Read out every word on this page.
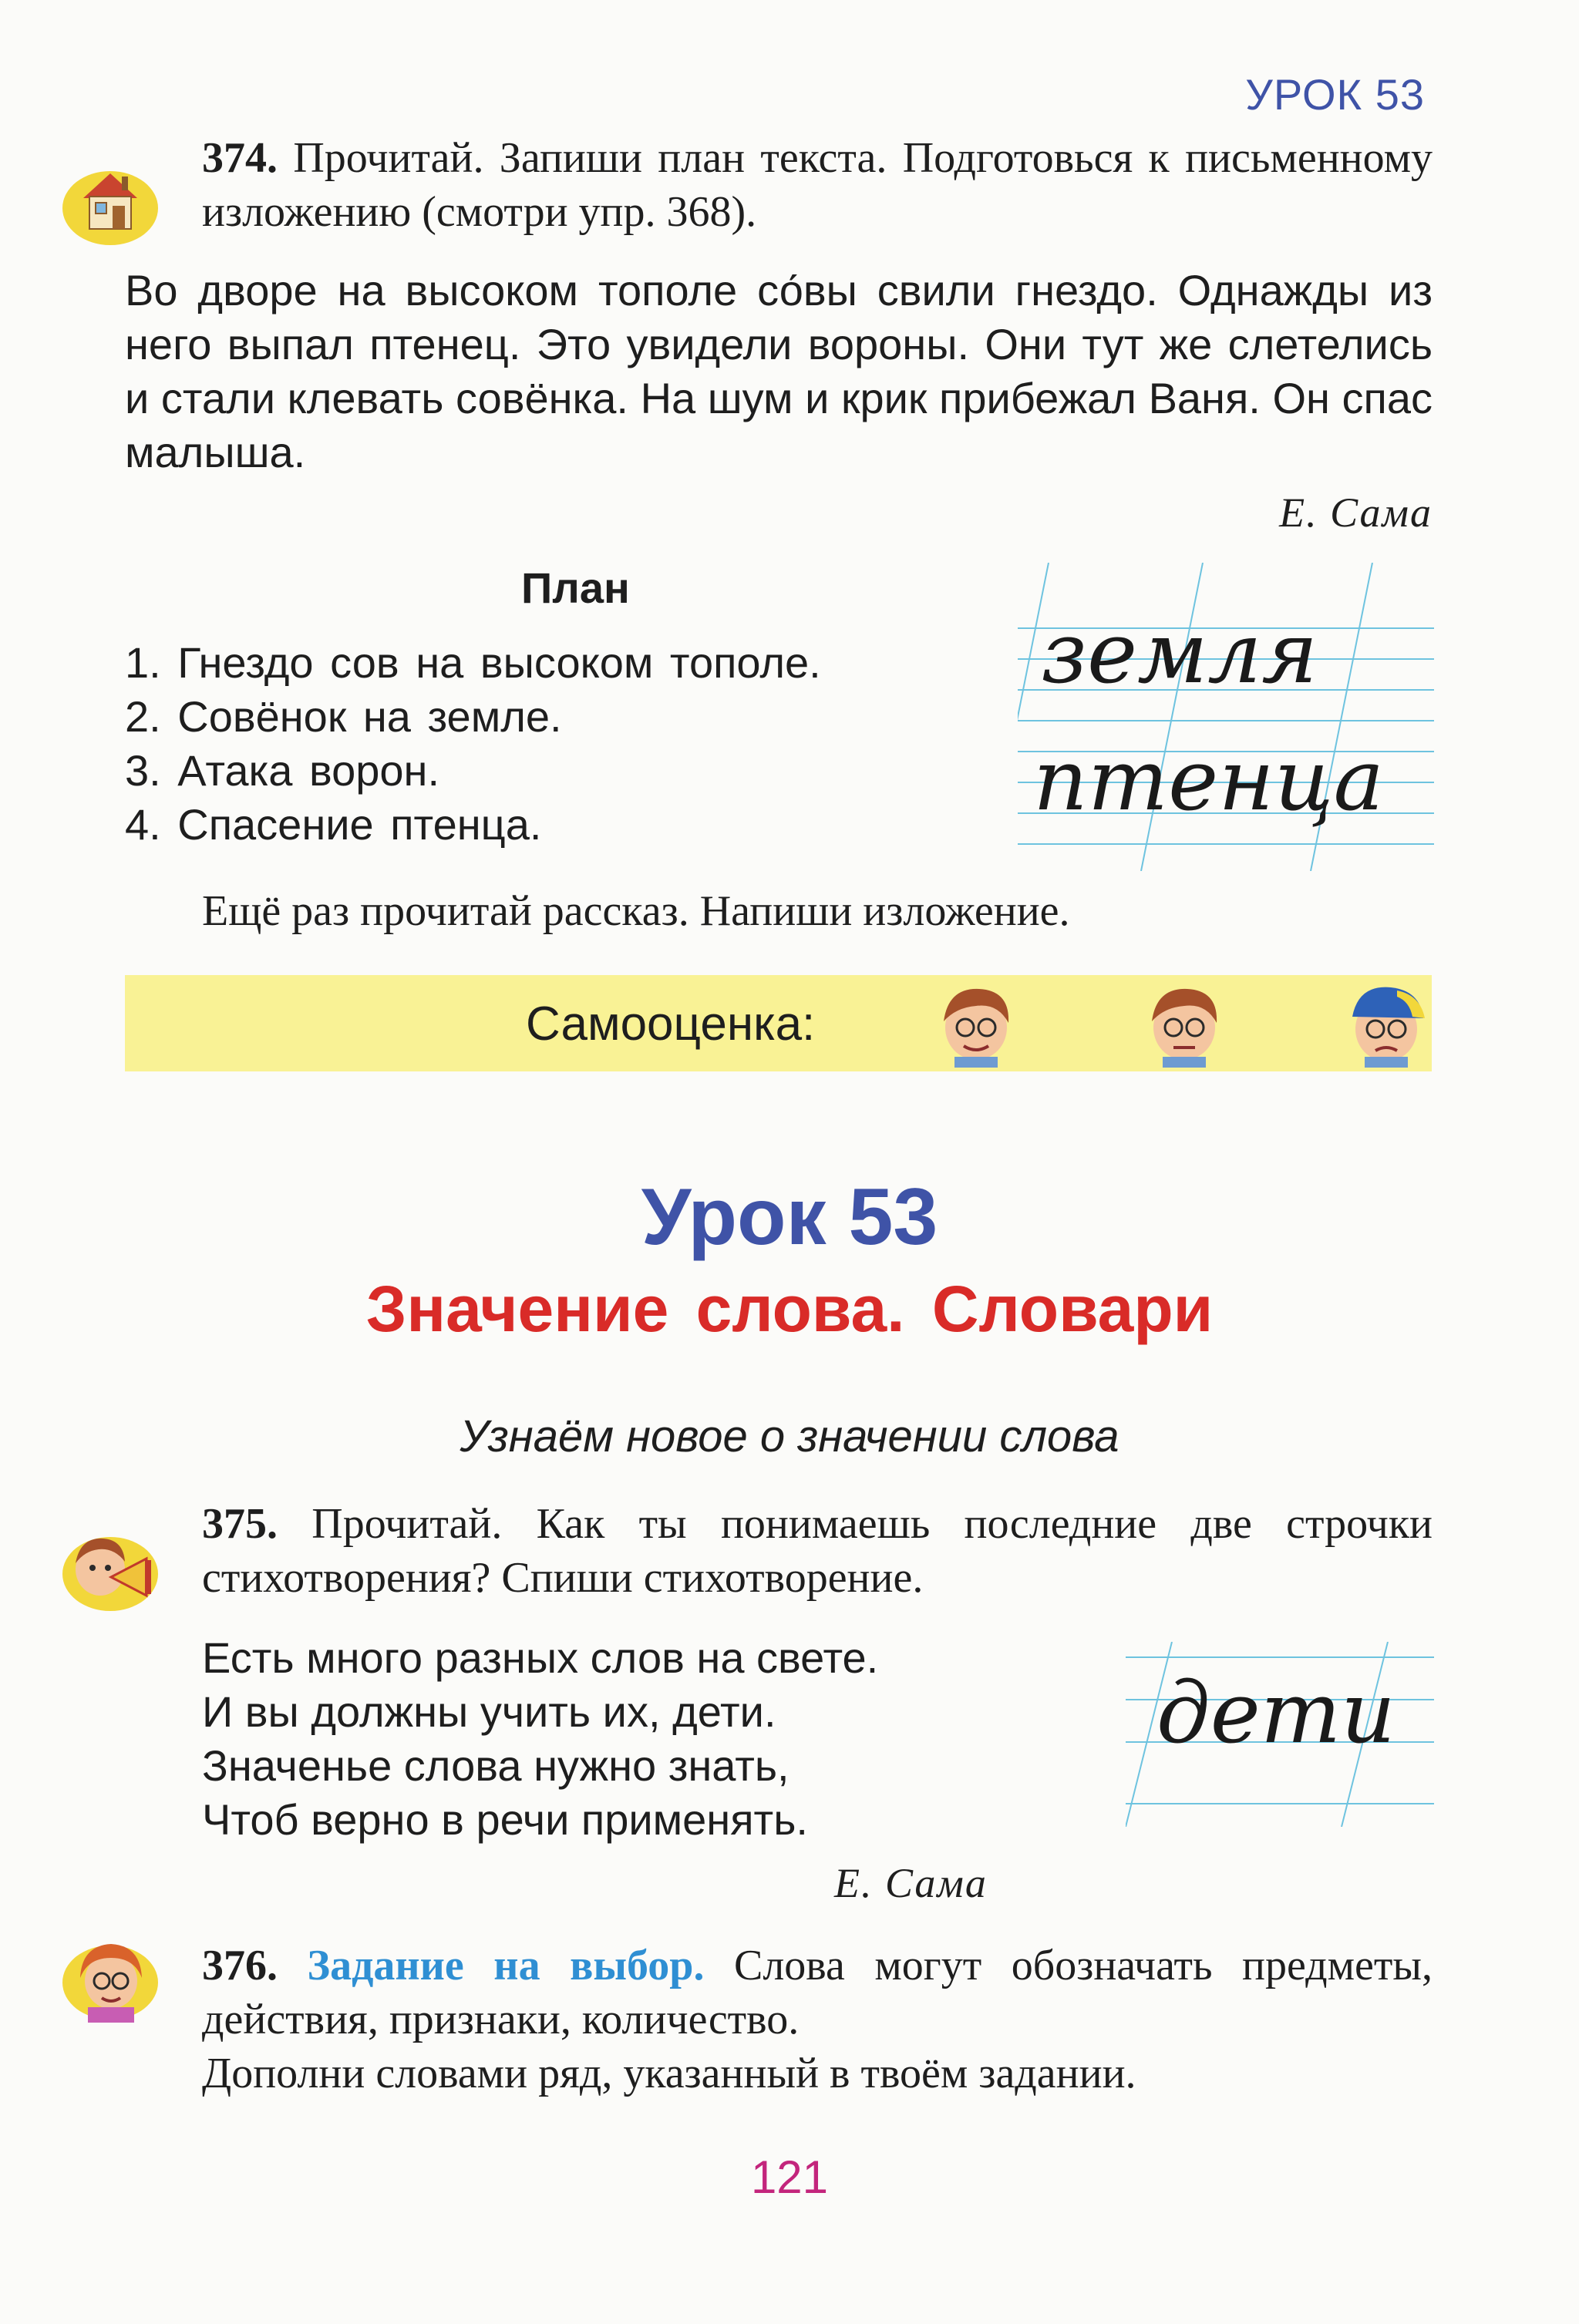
УРОК 53
374. Прочитай. Запиши план текста. Подготовься к письменному изложению (смотри упр. 368).

Во дворе на высоком тополе со́вы свили гнездо. Однажды из него выпал птенец. Это увидели вороны. Они тут же слетелись и стали клевать совёнка. На шум и крик прибежал Ваня. Он спас малыша.

Е. Сама
План
1. Гнездо сов на высоком тополе.
2. Совёнок на земле.
3. Атака ворон.
4. Спасение птенца.
земля
птенца
Ещё раз прочитай рассказ. Напиши изложение.
Самооценка:
Урок 53
Значение слова. Словари
Узнаём новое о значении слова
375. Прочитай. Как ты понимаешь последние две строчки стихотворения? Спиши стихотворение.

Есть много разных слов на свете.

И вы должны учить их, дети.

Значенье слова нужно знать,

Чтоб верно в речи применять.

Е. Сама
дети
376. Задание на выбор. Слова могут обозначать предметы, действия, признаки, количество.
Дополни словами ряд, указанный в твоём задании.
121
